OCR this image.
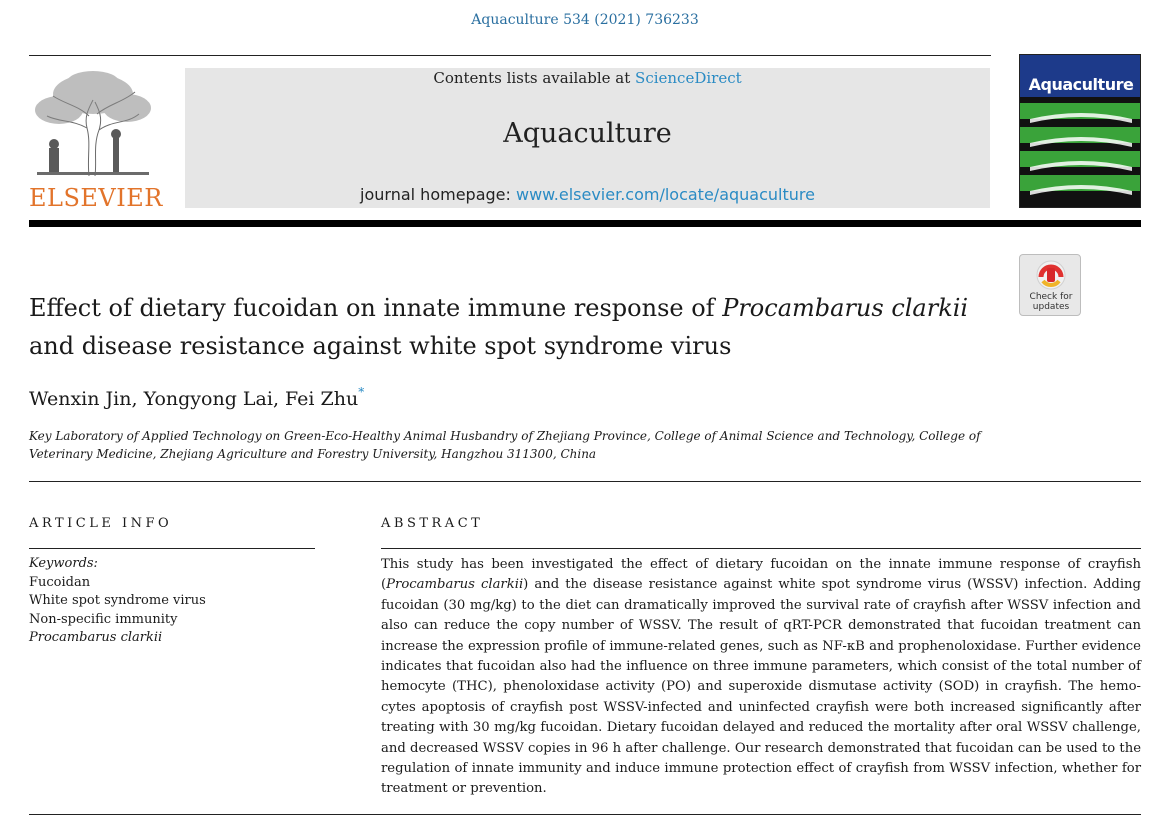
Aquaculture 534 (2021) 736233
ELSEVIER
Contents lists available at ScienceDirect
Aquaculture
journal homepage: www.elsevier.com/locate/aquaculture
Aquaculture
Check for
updates
Effect of dietary fucoidan on innate immune response of Procambarus clarkii
and disease resistance against white spot syndrome virus
Wenxin Jin, Yongyong Lai, Fei Zhu*
Key Laboratory of Applied Technology on Green-Eco-Healthy Animal Husbandry of Zhejiang Province, College of Animal Science and Technology, College of Veterinary Medicine, Zhejiang Agriculture and Forestry University, Hangzhou 311300, China
ARTICLE INFO	ABSTRACT
Keywords:
Fucoidan
White spot syndrome virus
Non-specific immunity
Procambarus clarkii

This study has been investigated the effect of dietary fucoidan on the innate immune response of crayfish (Procambarus clarkii) and the disease resistance against white spot syndrome virus (WSSV) infection. Adding fucoidan (30 mg/kg) to the diet can dramatically improved the survival rate of crayfish after WSSV infection and also can reduce the copy number of WSSV. The result of qRT-PCR demonstrated that fucoidan treatment can increase the expression profile of immune-related genes, such as NF-κB and prophenoloxidase. Further evidence indicates that fucoidan also had the influence on three immune parameters, which consist of the total number of hemocyte (THC), phenoloxidase activity (PO) and superoxide dismutase activity (SOD) in crayfish. The hemocytes apoptosis of crayfish post WSSV-infected and uninfected crayfish were both increased significantly after treating with 30 mg/kg fucoidan. Dietary fucoidan delayed and reduced the mortality after oral WSSV challenge, and decreased WSSV copies in 96 h after challenge. Our research demonstrated that fucoidan can be used to the regulation of innate immunity and induce immune protection effect of crayfish from WSSV infection, whether for treatment or prevention.
